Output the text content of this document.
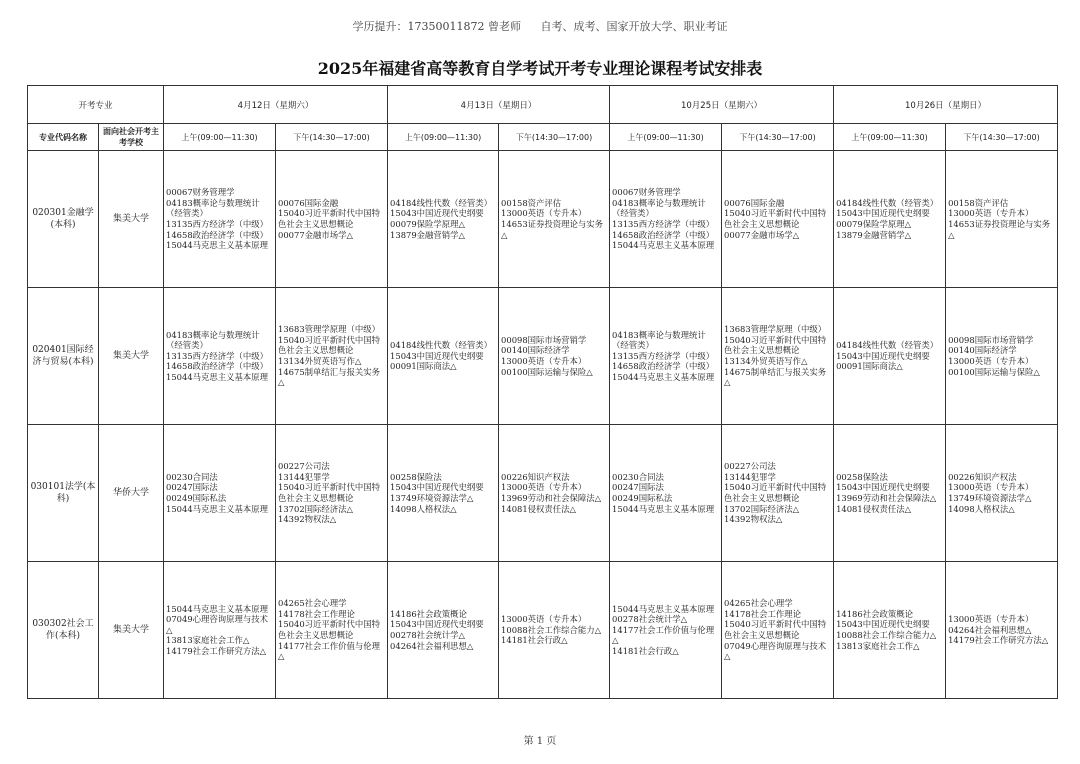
学历提升：17350011872 曾老师 自考、成考、国家开放大学、职业考证
2025年福建省高等教育自学考试开考专业理论课程考试安排表
开考专业		4月12日（星期六）		4月13日（星期日）		10月25日（星期六）		10月26日（星期日）	
专业代码名称	面向社会开考主考学校	上午(09:00—11:30)	下午(14:30—17:00)	上午(09:00—11:30)	下午(14:30—17:00)	上午(09:00—11:30)	下午(14:30—17:00)	上午(09:00—11:30)	下午(14:30—17:00)
020301金融学(本科)	集美大学	00067财务管理学
04183概率论与数理统计（经管类）
13135西方经济学（中级）
14658政治经济学（中级）
15044马克思主义基本原理	00076国际金融
15040习近平新时代中国特色社会主义思想概论
00077金融市场学△	04184线性代数（经管类）
15043中国近现代史纲要
00079保险学原理△
13879金融营销学△	00158资产评估
13000英语（专升本）
14653证券投资理论与实务△	00067财务管理学
04183概率论与数理统计（经管类）
13135西方经济学（中级）
14658政治经济学（中级）
15044马克思主义基本原理	00076国际金融
15040习近平新时代中国特色社会主义思想概论
00077金融市场学△	04184线性代数（经管类）
15043中国近现代史纲要
00079保险学原理△
13879金融营销学△	00158资产评估
13000英语（专升本）
14653证券投资理论与实务△

020401国际经济与贸易(本科)	集美大学	04183概率论与数理统计（经管类）
13135西方经济学（中级）
14658政治经济学（中级）
15044马克思主义基本原理	13683管理学原理（中级）
15040习近平新时代中国特色社会主义思想概论
13134外贸英语写作△
14675制单结汇与报关实务△	04184线性代数（经管类）
15043中国近现代史纲要
00091国际商法△	00098国际市场营销学
00140国际经济学
13000英语（专升本）
00100国际运输与保险△	04183概率论与数理统计（经管类）
13135西方经济学（中级）
14658政治经济学（中级）
15044马克思主义基本原理	13683管理学原理（中级）
15040习近平新时代中国特色社会主义思想概论
13134外贸英语写作△
14675制单结汇与报关实务△	04184线性代数（经管类）
15043中国近现代史纲要
00091国际商法△	00098国际市场营销学
00140国际经济学
13000英语（专升本）
00100国际运输与保险△

030101法学(本科)	华侨大学	00230合同法
00247国际法
00249国际私法
15044马克思主义基本原理	00227公司法
13144犯罪学
15040习近平新时代中国特色社会主义思想概论
13702国际经济法△
14392物权法△	00258保险法
15043中国近现代史纲要
13749环境资源法学△
14098人格权法△	00226知识产权法
13000英语（专升本）
13969劳动和社会保障法△
14081侵权责任法△	00230合同法
00247国际法
00249国际私法
15044马克思主义基本原理	00227公司法
13144犯罪学
15040习近平新时代中国特色社会主义思想概论
13702国际经济法△
14392物权法△	00258保险法
15043中国近现代史纲要
13969劳动和社会保障法△
14081侵权责任法△	00226知识产权法
13000英语（专升本）
13749环境资源法学△
14098人格权法△

030302社会工作(本科)	集美大学	15044马克思主义基本原理
07049心理咨询原理与技术△
13813家庭社会工作△
14179社会工作研究方法△	04265社会心理学
14178社会工作理论
15040习近平新时代中国特色社会主义思想概论
14177社会工作价值与伦理△	14186社会政策概论
15043中国近现代史纲要
00278社会统计学△
04264社会福利思想△	13000英语（专升本）
10088社会工作综合能力△
14181社会行政△	15044马克思主义基本原理
00278社会统计学△
14177社会工作价值与伦理△
14181社会行政△	04265社会心理学
14178社会工作理论
15040习近平新时代中国特色社会主义思想概论
07049心理咨询原理与技术△	14186社会政策概论
15043中国近现代史纲要
10088社会工作综合能力△
13813家庭社会工作△	13000英语（专升本）
04264社会福利思想△
14179社会工作研究方法△
第 1 页
